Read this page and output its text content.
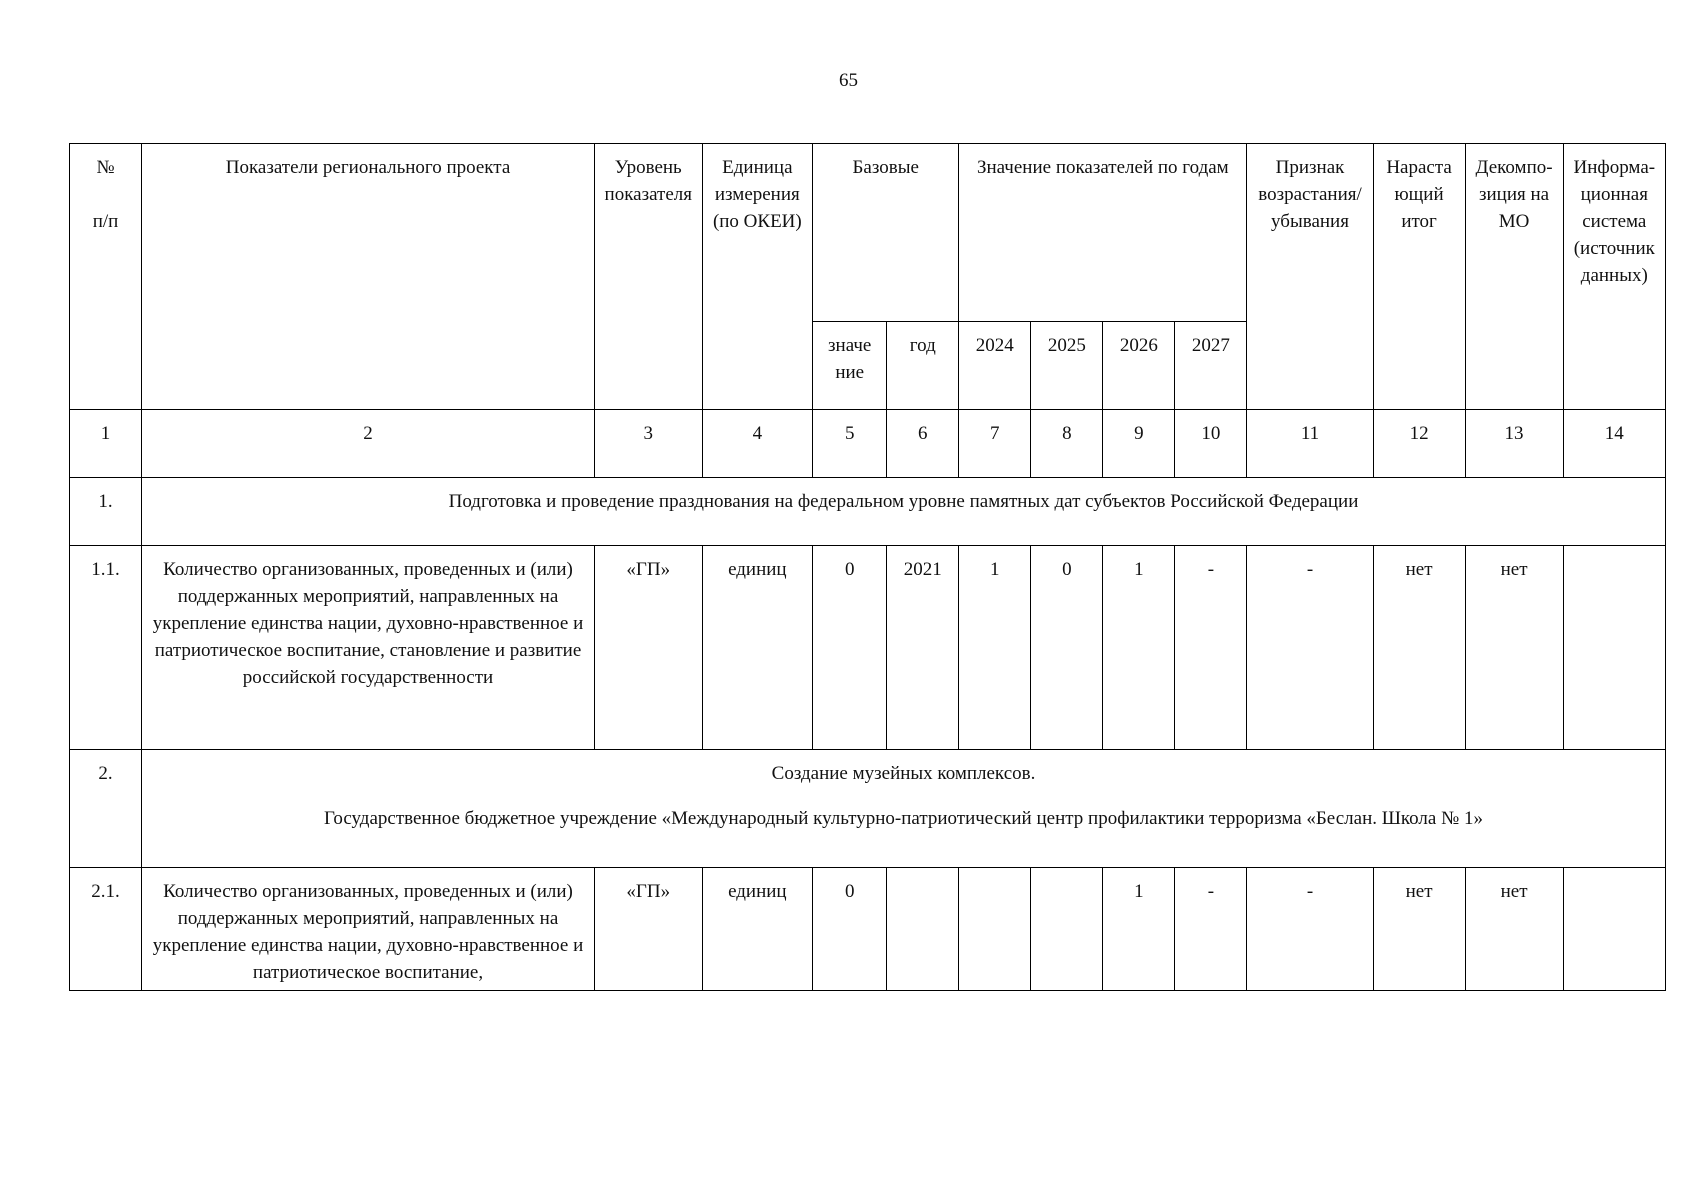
65
№

п/п	Показатели регионального проекта	Уровень показателя	Единица измерения (по ОКЕИ)	Базовые		Значение показателей по годам				Признак возрастания/ убывания	Нараста ющий итог	Декомпо- зиция на МО	Информа- ционная система (источник данных)
				значе ние	год	2024	2025	2026	2027				
1	2	3	4	5	6	7	8	9	10	11	12	13	14
1.	Подготовка и проведение празднования на федеральном уровне памятных дат субъектов Российской Федерации												

1.1.	Количество организованных, проведенных и (или) поддержанных мероприятий, направленных на укрепление единства нации, духовно-нравственное и патриотическое воспитание, становление и развитие российской государственности	«ГП»	единиц	0	2021	1	0	1	-	-	нет	нет	
2.	Создание музейных комплексов.
Государственное бюджетное учреждение «Международный культурно-патриотический центр профилактики терроризма «Беслан. Школа № 1»												

2.1.	Количество организованных, проведенных и (или) поддержанных мероприятий, направленных на укрепление единства нации, духовно-нравственное и патриотическое воспитание,	«ГП»	единиц	0				1	-	-	нет	нет	
